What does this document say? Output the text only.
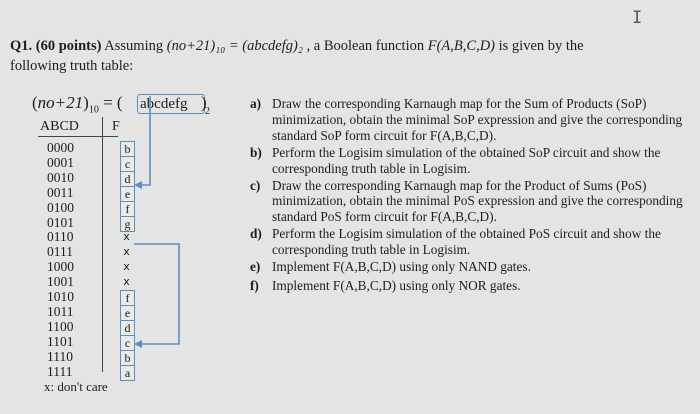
I
Q1. (60 points) Assuming (no+21)₁₀ = (abcdefg)₂ , a Boolean function F(A,B,C,D) is given by the
following truth table:
$(no+21)_{10}$ = ( abcdefg )
2
ABCD F
0000	b
0001	c
0010	d
0011	e
0100	f
0101	g
0110	x
0111	x
1000	x
1001	x
1010	f
1011	e
1100	d
1101	c
1110	b
1111	a
x: don't care
a) Draw the corresponding Karnaugh map for the Sum of Products (SoP) minimization, obtain the minimal SoP expression and give the corresponding standard SoP form circuit for F(A,B,C,D).
b) Perform the Logisim simulation of the obtained SoP circuit and show the corresponding truth table in Logisim.
c) Draw the corresponding Karnaugh map for the Product of Sums (PoS) minimization, obtain the minimal PoS expression and give the corresponding standard PoS form circuit for F(A,B,C,D).
d) Perform the Logisim simulation of the obtained PoS circuit and show the corresponding truth table in Logisim.
e) Implement F(A,B,C,D) using only NAND gates.
f) Implement F(A,B,C,D) using only NOR gates.
